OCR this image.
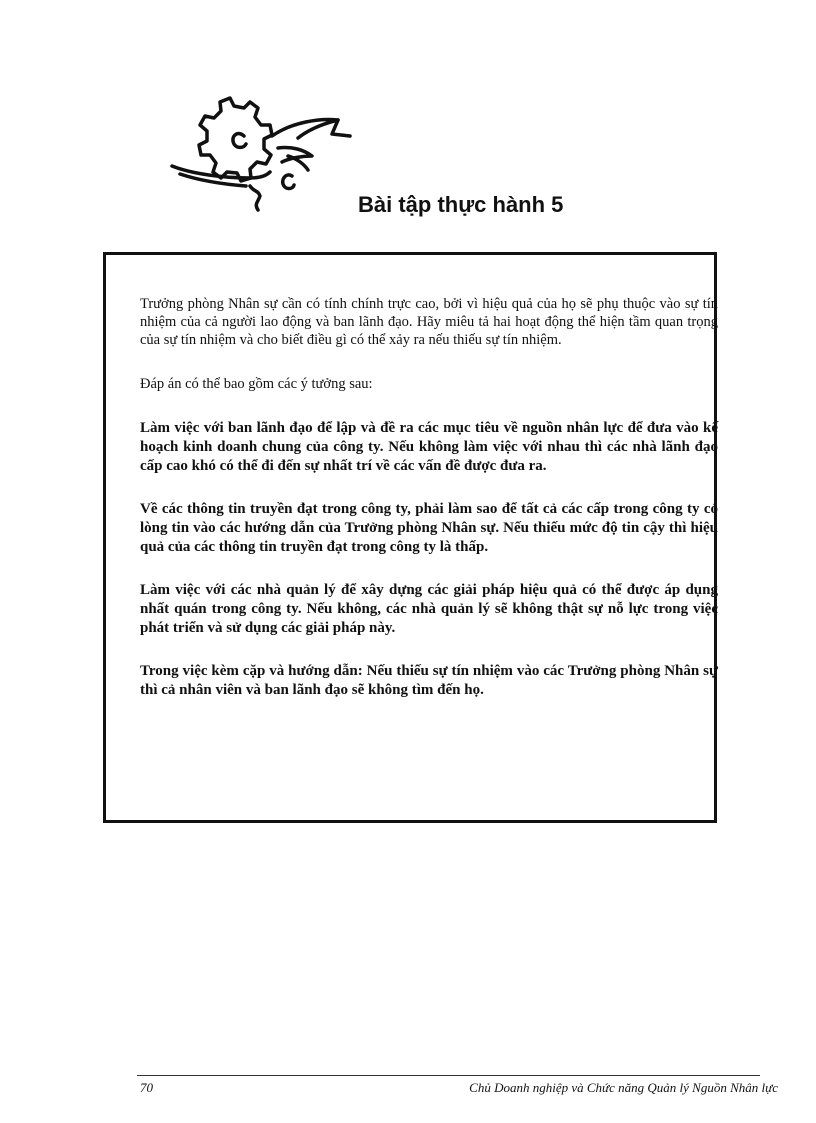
Bài tập thực hành 5

Trưởng phòng Nhân sự cần có tính chính trực cao, bởi vì hiệu quả của họ sẽ phụ thuộc vào sự tín nhiệm của cả người lao động và ban lãnh đạo. Hãy miêu tả hai hoạt động thể hiện tầm quan trọng của sự tín nhiệm và cho biết điều gì có thể xảy ra nếu thiếu sự tín nhiệm.

Đáp án có thể bao gồm các ý tưởng sau:

Làm việc với ban lãnh đạo để lập và đề ra các mục tiêu về nguồn nhân lực để đưa vào kế hoạch kinh doanh chung của công ty. Nếu không làm việc với nhau thì các nhà lãnh đạo cấp cao khó có thể đi đến sự nhất trí về các vấn đề được đưa ra.

Về các thông tin truyền đạt trong công ty, phải làm sao để tất cả các cấp trong công ty có lòng tin vào các hướng dẫn của Trưởng phòng Nhân sự. Nếu thiếu mức độ tin cậy thì hiệu quả của các thông tin truyền đạt trong công ty là thấp.

Làm việc với các nhà quản lý để xây dựng các giải pháp hiệu quả có thể được áp dụng nhất quán trong công ty. Nếu không, các nhà quản lý sẽ không thật sự nỗ lực trong việc phát triển và sử dụng các giải pháp này.

Trong việc kèm cặp và hướng dẫn: Nếu thiếu sự tín nhiệm vào các Trưởng phòng Nhân sự thì cả nhân viên và ban lãnh đạo sẽ không tìm đến họ.

70	Chủ Doanh nghiệp và Chức năng Quản lý Nguồn Nhân lực
